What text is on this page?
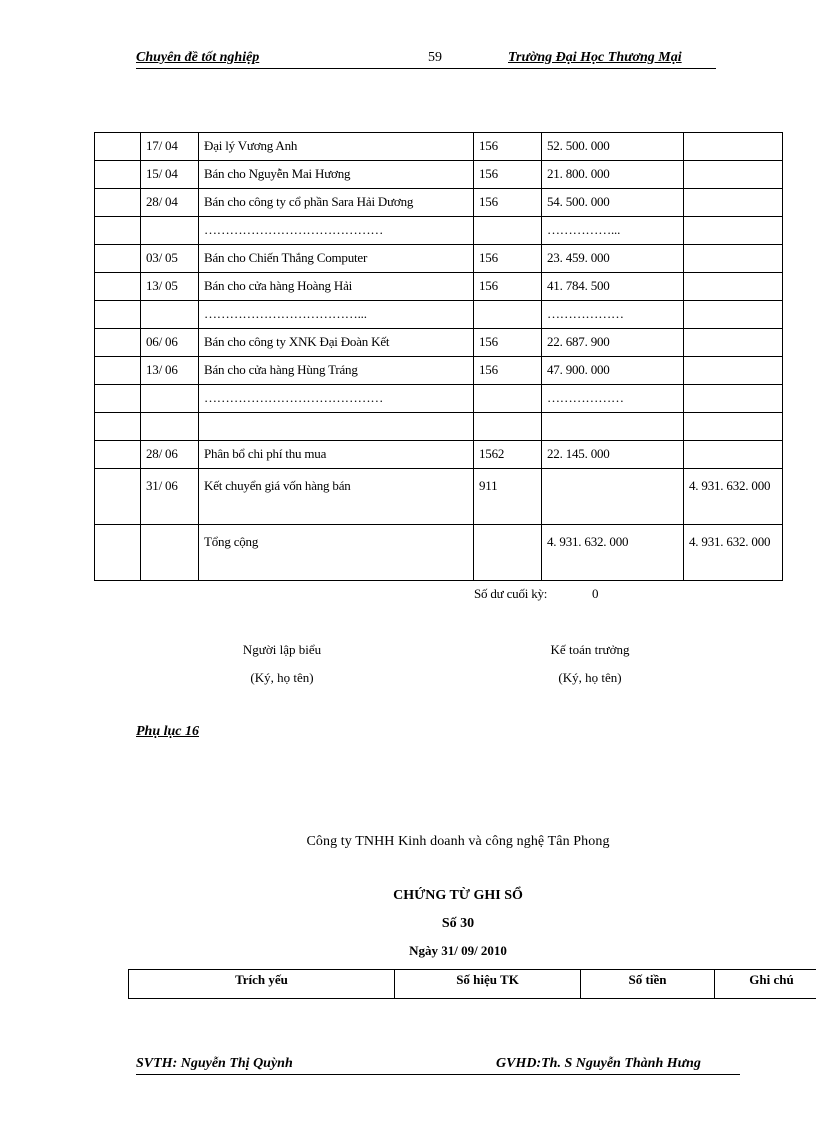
Chuyên đề tốt nghiệp	59	Trường Đại Học Thương Mại
	17/ 04	Đại lý Vương Anh	156	52. 500. 000	
	15/ 04	Bán cho Nguyễn Mai Hương	156	21. 800. 000	
	28/ 04	Bán cho công ty cổ phần Sara Hải Dương	156	54. 500. 000	
		……………………………………		……………...	
	03/ 05	Bán cho Chiến Thắng Computer	156	23. 459. 000	
	13/ 05	Bán cho cửa hàng Hoàng Hải	156	41. 784. 500	
		………………………………...		………………	
	06/ 06	Bán cho công ty XNK Đại Đoàn Kết	156	22. 687. 900	
	13/ 06	Bán cho cửa hàng Hùng Tráng	156	47. 900. 000	
		……………………………………		………………	

	28/ 06	Phân bổ chi phí thu mua	1562	22. 145. 000	
	31/ 06	Kết chuyển giá vốn hàng bán	911		4. 931. 632. 000
		Tổng cộng		4. 931. 632. 000	4. 931. 632. 000
Số dư cuối kỳ:	0
Người lập biểu
(Ký, họ tên)
Kế toán trưởng
(Ký, họ tên)
Phụ lục 16
Công ty TNHH Kinh doanh và công nghệ Tân Phong
CHỨNG TỪ GHI SỔ
Số 30
Ngày 31/ 09/ 2010
Trích yếu	Số hiệu TK	Số tiền	Ghi chú
SVTH: Nguyễn Thị Quỳnh	GVHD:Th. S Nguyễn Thành Hưng
